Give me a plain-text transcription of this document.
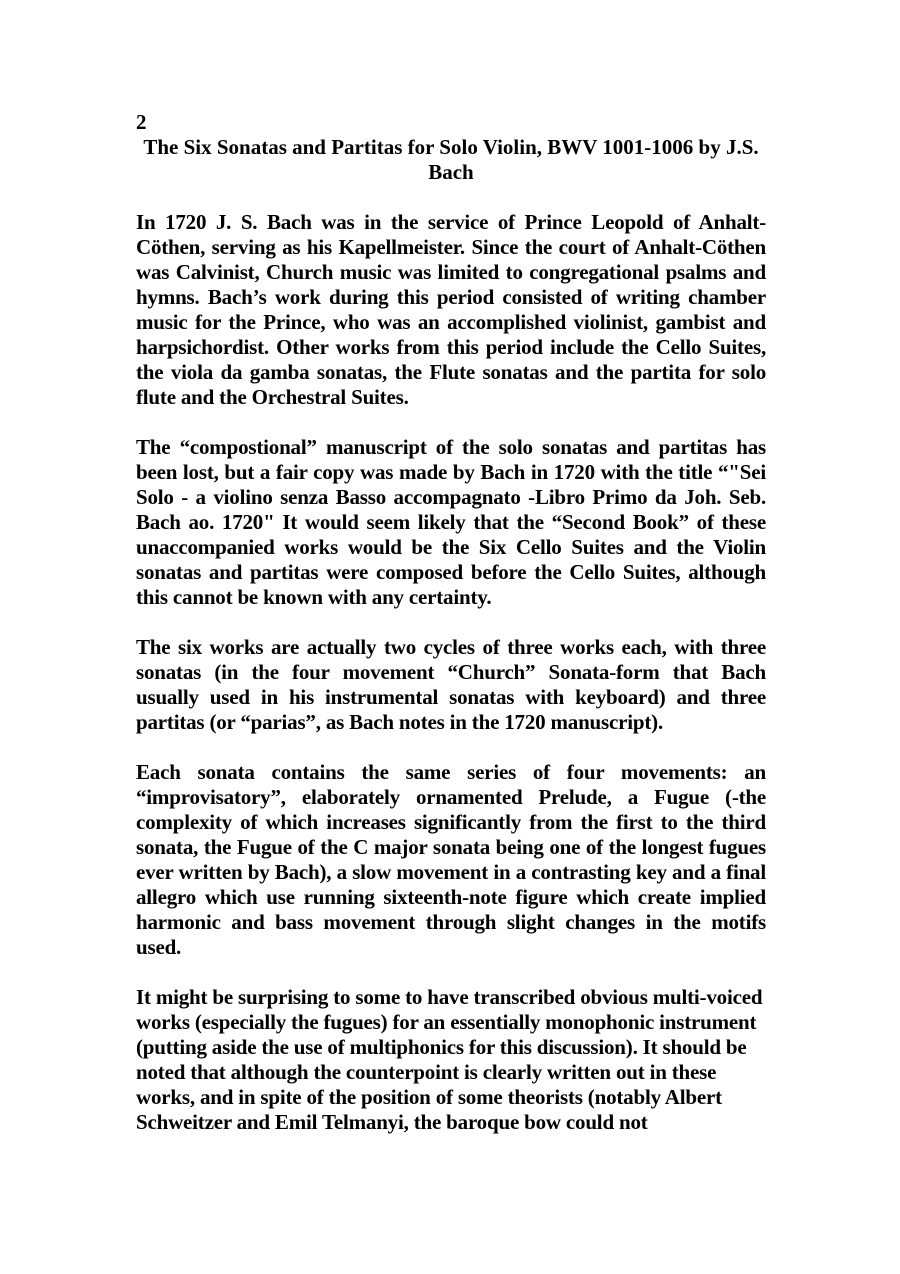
2

The Six Sonatas and Partitas for Solo Violin, BWV 1001-1006 by J.S. Bach

In 1720 J. S. Bach was in the service of Prince Leopold of Anhalt-Cöthen, serving as his Kapellmeister. Since the court of Anhalt-Cöthen was Calvinist, Church music was limited to congregational psalms and hymns. Bach’s work during this period consisted of writing chamber music for the Prince, who was an accomplished violinist, gambist and harpsichordist. Other works from this period include the Cello Suites, the viola da gamba sonatas, the Flute sonatas and the partita for solo flute and the Orchestral Suites.

The “compostional” manuscript of the solo sonatas and partitas has been lost, but a fair copy was made by Bach in 1720 with the title “"Sei Solo - a violino senza Basso accompagnato -Libro Primo da Joh. Seb. Bach ao. 1720" It would seem likely that the “Second Book” of these unaccompanied works would be the Six Cello Suites and the Violin sonatas and partitas were composed before the Cello Suites, although this cannot be known with any certainty.

The six works are actually two cycles of three works each, with three sonatas (in the four movement “Church” Sonata-form that Bach usually used in his instrumental sonatas with keyboard) and three partitas (or “parias”, as Bach notes in the 1720 manuscript).

Each sonata contains the same series of four movements: an “improvisatory”, elaborately ornamented Prelude, a Fugue (-the complexity of which increases significantly from the first to the third sonata, the Fugue of the C major sonata being one of the longest fugues ever written by Bach), a slow movement in a contrasting key and a final allegro which use running sixteenth-note figure which create implied harmonic and bass movement through slight changes in the motifs used.

It might be surprising to some to have transcribed obvious multi-voiced works (especially the fugues) for an essentially monophonic instrument (putting aside the use of multiphonics for this discussion). It should be noted that although the counterpoint is clearly written out in these works, and in spite of the position of some theorists (notably Albert Schweitzer and Emil Telmanyi, the baroque bow could not
